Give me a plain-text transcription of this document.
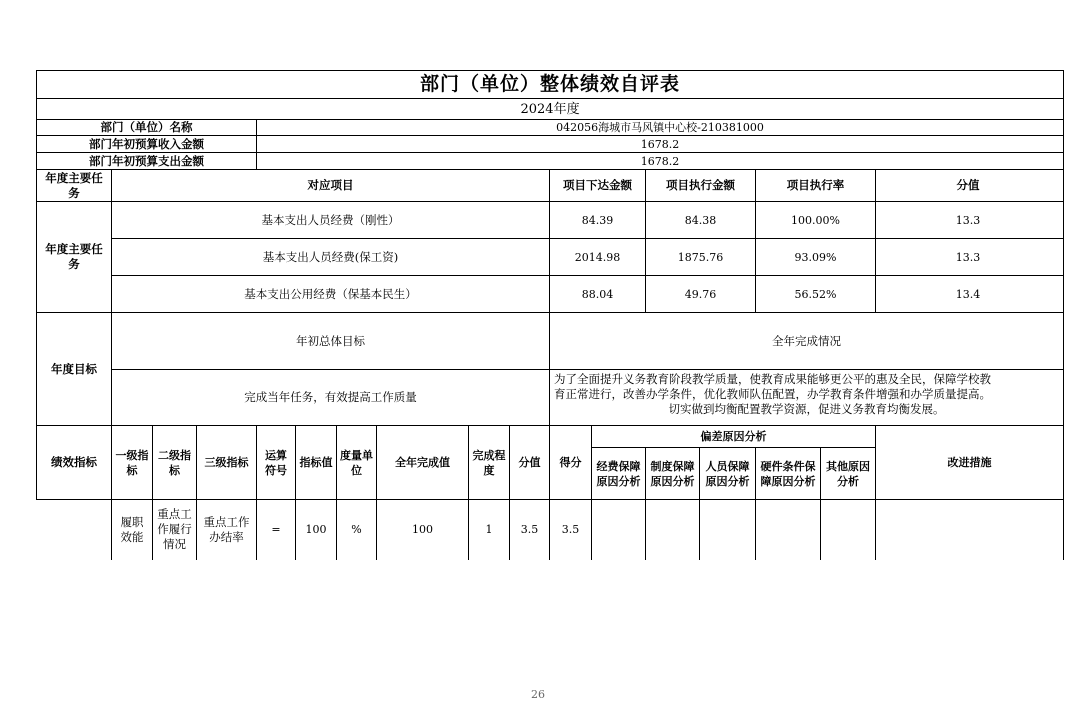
部门（单位）整体绩效自评表																	
2024年度																	
部门（单位）名称				042056海城市马风镇中心校-210381000													
部门年初预算收入金额				1678.2													
部门年初预算支出金额				1678.2													
年度主要任务	对应项目									项目下达金额		项目执行金额		项目执行率		分值	
年度主要任务	基本支出人员经费（刚性）									84.39		84.38		100.00%		13.3	
	基本支出人员经费(保工资)									2014.98		1875.76		93.09%		13.3	
	基本支出公用经费（保基本民生）									88.04		49.76		56.52%		13.4	
年度目标	年初总体目标									全年完成情况							
	完成当年任务，有效提高工作质量									为了全面提升义务教育阶段教学质量，使教育成果能够更公平的惠及全民，保障学校教
育正常进行，改善办学条件，优化教师队伍配置，办学教育条件增强和办学质量提高。

切实做到均衡配置教学资源，促进义务教育均衡发展。							

绩效指标	一级指标	二级指标	三级指标	运算符号	指标值	度量单位	全年完成值	完成程度	分值	得分	偏差原因分析					改进措施	
											经费保障原因分析	制度保障原因分析	人员保障原因分析	硬件条件保障原因分析	其他原因分析		
	履职效能	重点工作履行情况	重点工作办结率	=	100	%	100	1	3.5	3.5							
26
